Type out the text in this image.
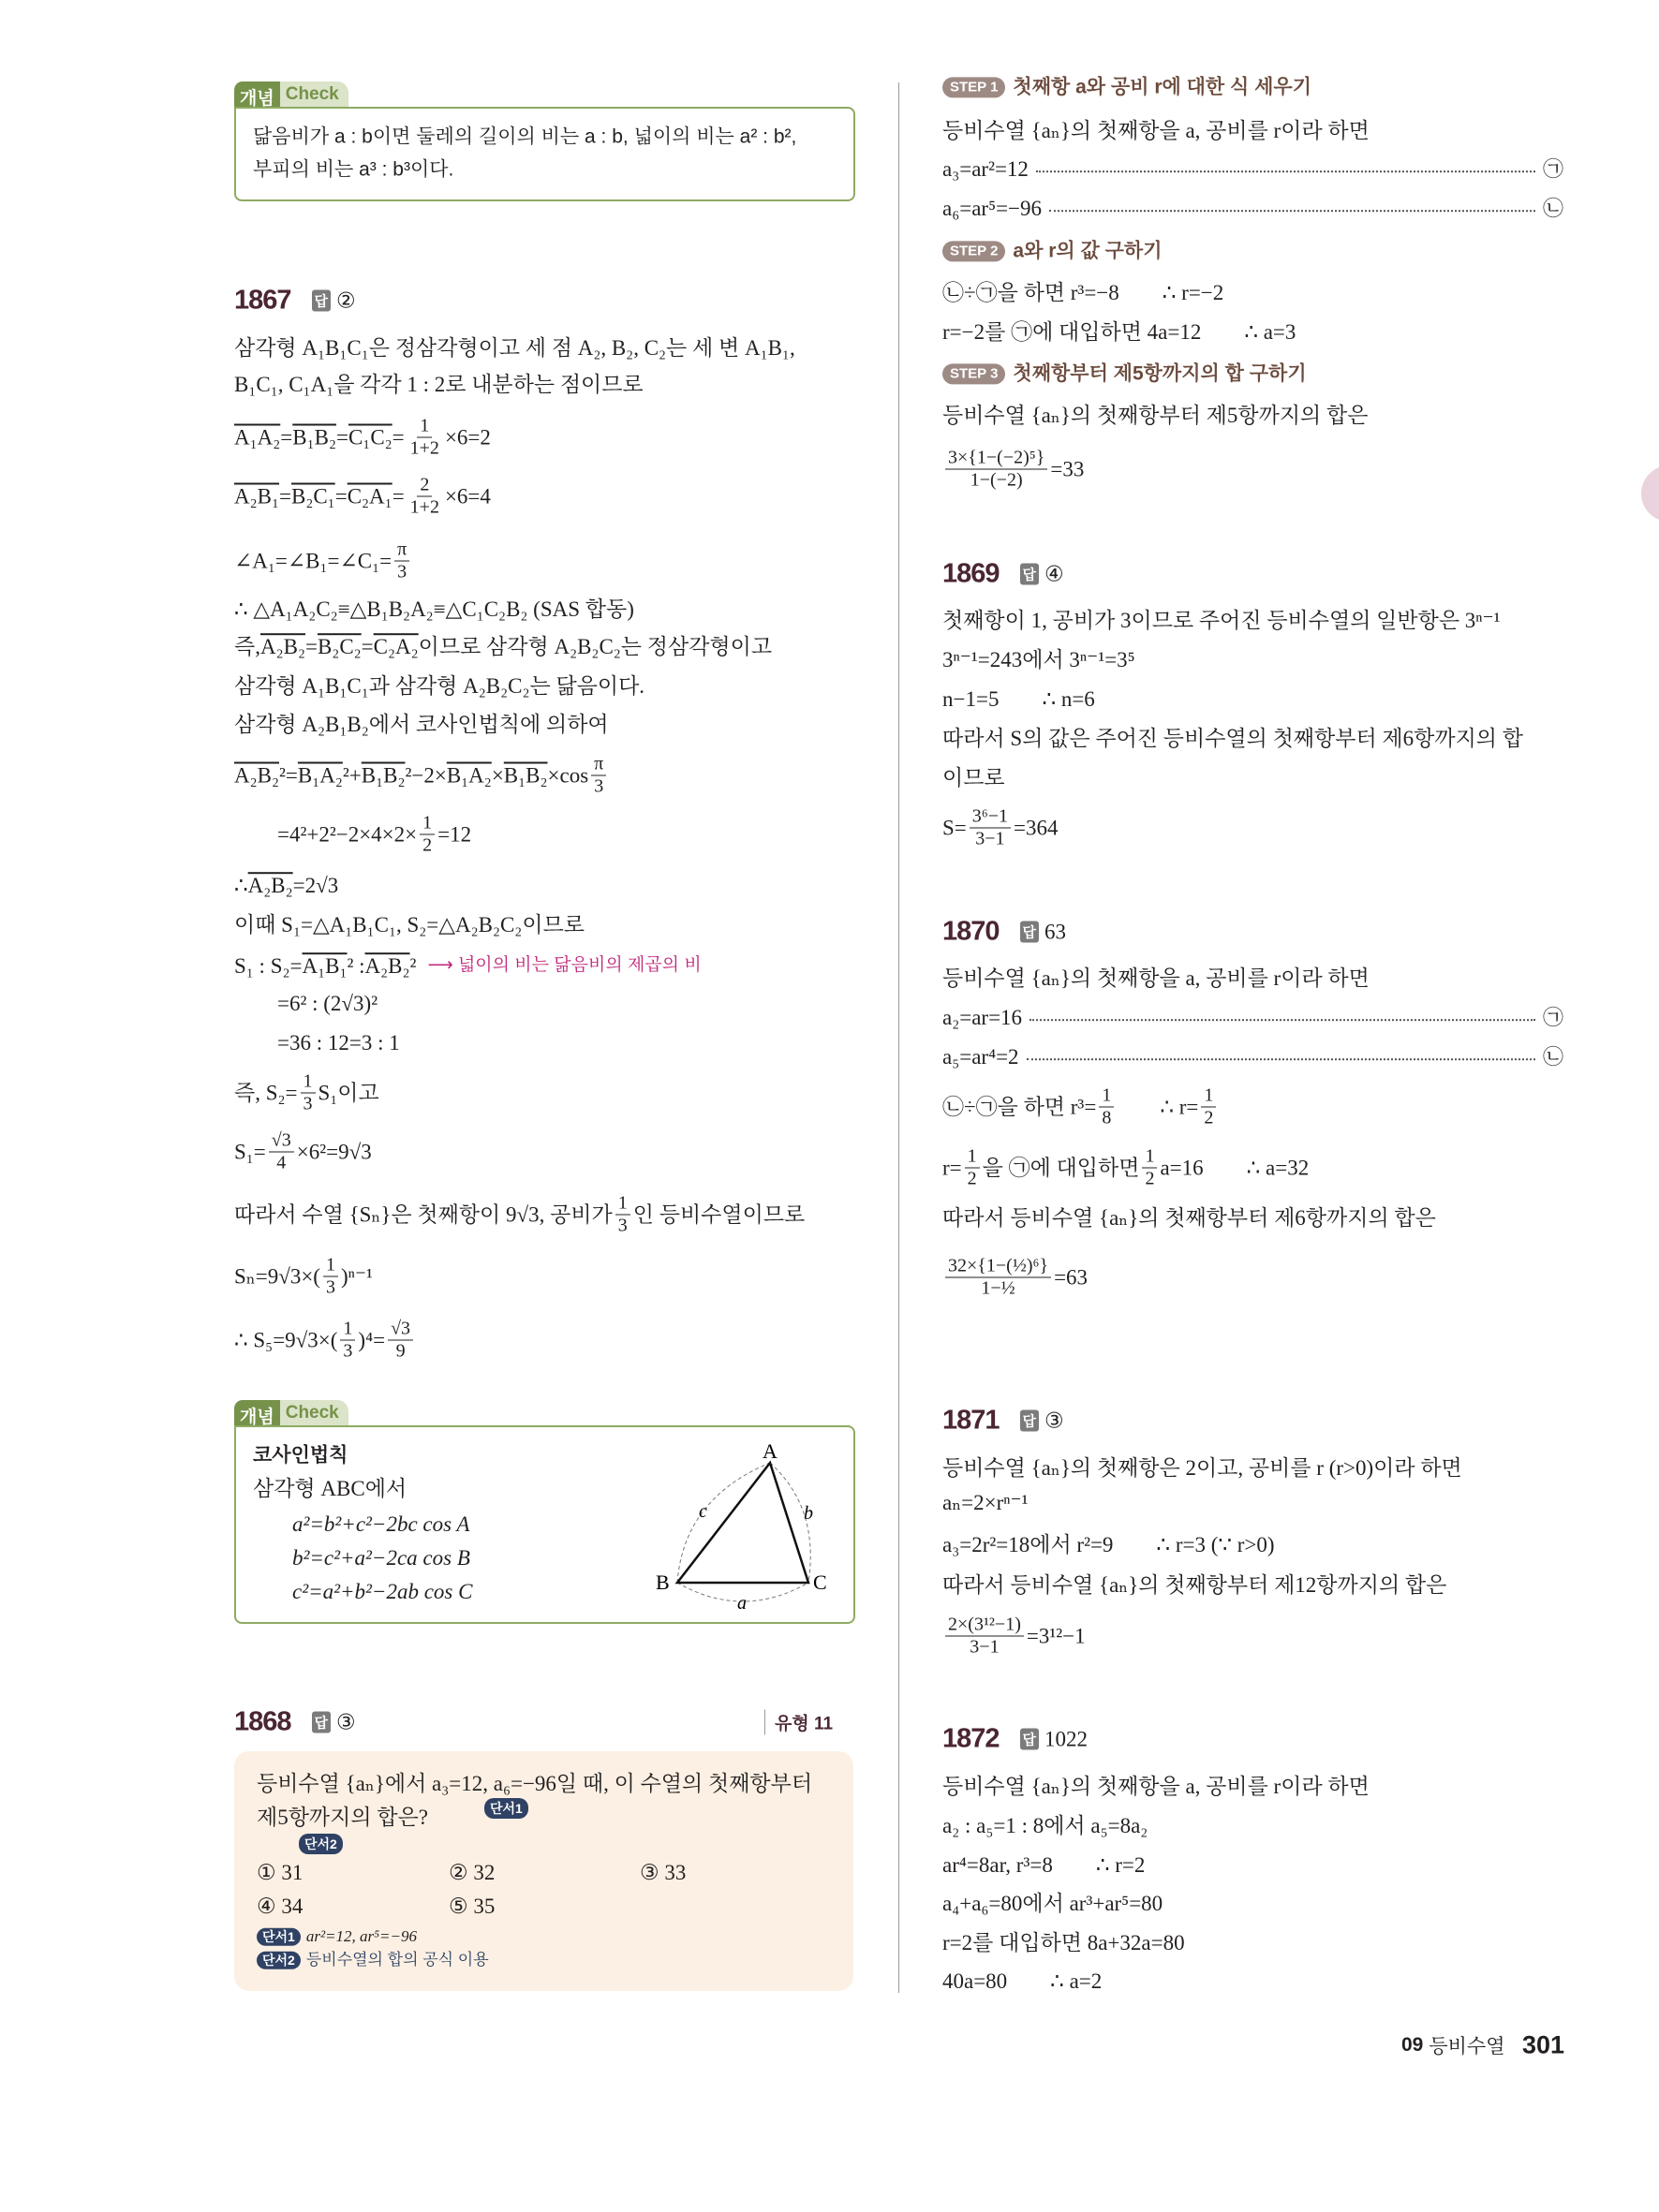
개념 Check
닮음비가 a : b이면 둘레의 길이의 비는 a : b, 넓이의 비는 a² : b²,
부피의 비는 a³ : b³이다.
1867 답 ②
개념 Check
코사인법칙
삼각형 ABC에서
a²=b²+c²−2bc cos A
b²=c²+a²−2ca cos B
c²=a²+b²−2ab cos C
A
B	C
a
b
c
1868 답 ③	유형 11
등비수열 {aₙ}에서 a₃=12, a₆=−96일 때, 이 수열의 첫째항부터
제5항까지의 합은?	단서1
단서2
① 31	② 32	③ 33
④ 34	⑤ 35
단서1 ar²=12, ar⁵=−96
단서2 등비수열의 합의 공식 이용
1869 답 ④
1870 답 63
1871 답 ③
1872 답 1022
09 등비수열 301
삼각형 A₁B₁C₁은 정삼각형이고 세 점 A₂, B₂, C₂는 세 변 A₁B₁,
B₁C₁, C₁A₁을 각각 1 : 2로 내분하는 점이므로
$A_1A_2 = B_1B_2 = C_1C_2 = \frac{1}{1+2} \times 6=2$
$A_2B_1 = B_2C_1 = C_2A_1 = \frac{2}{1+2} \times 6=4$
∠A₁=∠B₁=∠C₁= $\frac{\pi}{3}$
∴ △A₁A₂C₂≡△B₁B₂A₂≡△C₁C₂B₂ (SAS 합동)
즉, A₂B₂ = B₂C₂ = C₂A₂ 이므로 삼각형 A₂B₂C₂는 정삼각형이고
삼각형 A₁B₁C₁과 삼각형 A₂B₂C₂는 닮음이다.
삼각형 A₂B₁B₂에서 코사인법칙에 의하여
A₂B₂ ²= B₁A₂ ²+ B₁B₂ $^2-2\times B_1A_2 \times B_1B_2 \times\cos \frac{\pi}{3}$
  $=4^2+2^2-2\times 4\times 2\times \frac{1}{2} =12$
∴ A₂B₂ =2√3
이때 S₁=△A₁B₁C₁, S₂=△A₂B₂C₂이므로
S₁ : S₂= A₁B₁ ² : A₂B₂ ² ⟶ 넓이의 비는 닮음비의 제곱의 비
  =6² : (2√3)²
  =36 : 12=3 : 1
즉, $S_2= \frac{1}{3} S_1$이고
$S_1= \frac{√3}{4} \times 6^2=9√3$
따라서 수열 {Sₙ}은 첫째항이 9√3, 공비가 $\frac{1}{3}$ 인 등비수열이므로
$S_n=9√3\times( \frac{1}{3} )^{n-1}$
∴ $S_5=9√3\times( \frac{1}{3} )^4= \frac{√3}{9}$
STEP 1 첫째항 a와 공비 r에 대한 식 세우기
등비수열 {aₙ}의 첫째항을 a, 공비를 r이라 하면
a₃=ar²=12	㉠
a₆=ar⁵=−96	㉡
STEP 2 a와 r의 값 구하기
㉡÷㉠을 하면 r³=−8  ∴ r=−2
r=−2를 ㉠에 대입하면 4a=12  ∴ a=3
STEP 3 첫째항부터 제5항까지의 합 구하기
등비수열 {aₙ}의 첫째항부터 제5항까지의 합은
$\frac{\text{3×\{1−(−2)⁵\}}}{1-(-2)} =33$
첫째항이 1, 공비가 3이므로 주어진 등비수열의 일반항은 3ⁿ⁻¹
3ⁿ⁻¹=243에서 3ⁿ⁻¹=3⁵
n−1=5  ∴ n=6
따라서 S의 값은 주어진 등비수열의 첫째항부터 제6항까지의 합
이므로
$S= \frac{\text{3⁶−1}}{3-1} =364$
등비수열 {aₙ}의 첫째항을 a, 공비를 r이라 하면
a₂=ar=16	㉠
a₅=ar⁴=2	㉡
㉡÷㉠을 하면 $r^3= \frac{1}{8}$   ∴ $r= \frac{1}{2}$
$r= \frac{1}{2}$ 을 ㉠에 대입하면 $\frac{1}{2} a=16$  ∴ a=32
따라서 등비수열 {aₙ}의 첫째항부터 제6항까지의 합은
$\frac{\text{32×\{1−(½)⁶\}}}{\text{1−½}} =63$
등비수열 {aₙ}의 첫째항은 2이고, 공비를 r (r>0)이라 하면
aₙ=2×rⁿ⁻¹
a₃=2r²=18에서 r²=9  ∴ r=3 (∵ r>0)
따라서 등비수열 {aₙ}의 첫째항부터 제12항까지의 합은
$\frac{\text{2×(3¹²−1)}}{3-1} =3^{12}-1$
등비수열 {aₙ}의 첫째항을 a, 공비를 r이라 하면
a₂ : a₅=1 : 8에서 a₅=8a₂
ar⁴=8ar, r³=8  ∴ r=2
a₄+a₆=80에서 ar³+ar⁵=80
r=2를 대입하면 8a+32a=80
40a=80  ∴ a=2
